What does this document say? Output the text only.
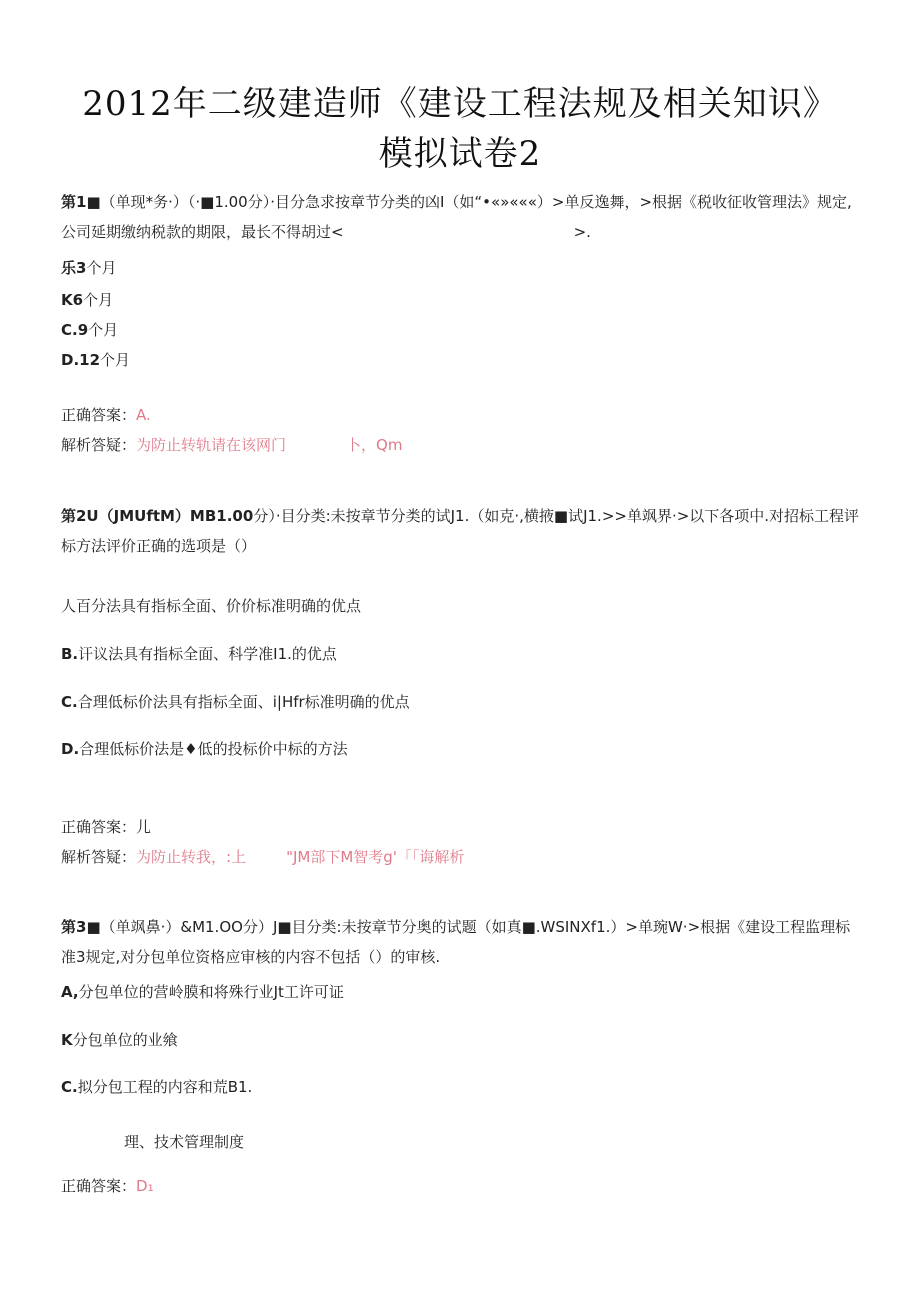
2012年二级建造师《建设工程法规及相关知识》
模拟试卷2
第1■（单现*务·）（·■1.00分）·目分急求按章节分类的凶I（如“•«»«««）>单反逸舞，>根据《税收征收管理法》规定,公司延期缴纳税款的期限，最长不得胡过<	>.
乐3个月
K6个月
C.9个月
D.12个月
正确答案：A.
解析答疑：为防止转轨请在该网门	卜，Qm
第2U（JMUftM）MB1.00分）·目分类:未按章节分类的试J1.（如克·,横掖■试J1.>>单飒界·>以下各项中.对招标工程评标方法评价正确的选项是（）
人百分法具有指标全面、价价标准明确的优点
B.讦议法具有指标全面、科学准I1.的优点
C.合理低标价法具有指标全面、i|Hfr标准明确的优点
D.合理低标价法是♦低的投标价中标的方法
正确答案：儿
解析答疑：为防止转我，:上	"JM部下M智考g'「「诲解析
第3■（单飒鼻·）&M1.OO分）J■目分类:未按章节分奥的试题（如真■.WSINXf1.）>单琬W·>根据《建设工程监理标准3规定,对分包单位资格应审核的内容不包括（）的审核.
A,分包单位的营岭膜和将殊行业Jt工许可证
K分包单位的业飨
C.拟分包工程的内容和荒B1.
理、技术管理制度
正确答案：D₁
